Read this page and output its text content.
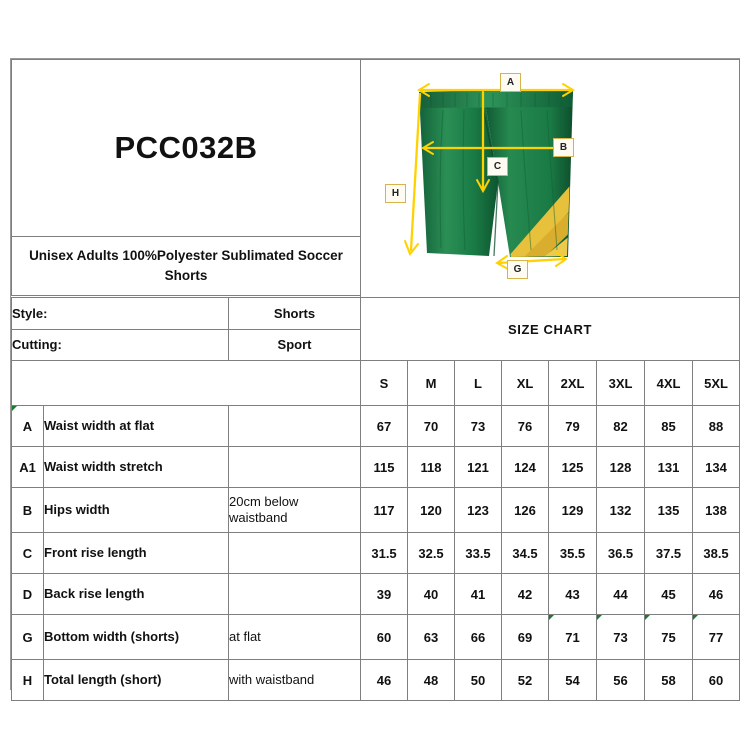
PCC032B			A
B
C
H
G							

Unisex Adults 100%Polyester Sublimated Soccer Shorts										

Style:		Shorts	SIZE CHART							
Cutting:		Sport								
			S	M	L	XL	2XL	3XL	4XL	5XL
A	Waist width at flat		67	70	73	76	79	82	85	88
A1	Waist width stretch		115	118	121	124	125	128	131	134
B	Hips width	20cm below waistband	117	120	123	126	129	132	135	138
C	Front rise length		31.5	32.5	33.5	34.5	35.5	36.5	37.5	38.5
D	Back rise length		39	40	41	42	43	44	45	46
G	Bottom width (shorts)	at flat	60	63	66	69	71	73	75	77
H	Total length (short)	with waistband	46	48	50	52	54	56	58	60
